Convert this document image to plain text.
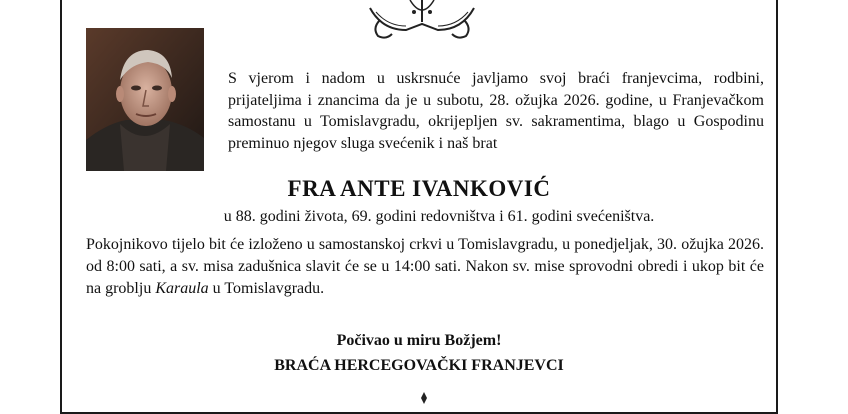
S vjerom i nadom u uskrsnuće javljamo svoj braći franjevcima, rodbini, prijateljima i znancima da je u subotu, 28. ožujka 2026. godine, u Franjevačkom samostanu u Tomislavgradu, okrijepljen sv. sakramentima, blago u Gospodinu preminuo njegov sluga svećenik i naš brat

FRA ANTE IVANKOVIĆ

u 88. godini života, 69. godini redovništva i 61. godini svećeništva.

Pokojnikovo tijelo bit će izloženo u samostanskoj crkvi u Tomislavgradu, u ponedjeljak, 30. ožujka 2026. od 8:00 sati, a sv. misa zadušnica slavit će se u 14:00 sati. Nakon sv. mise sprovodni obredi i ukop bit će na groblju Karaula u Tomislavgradu.

Počivao u miru Božjem!

BRAĆA HERCEGOVAČKI FRANJEVCI
